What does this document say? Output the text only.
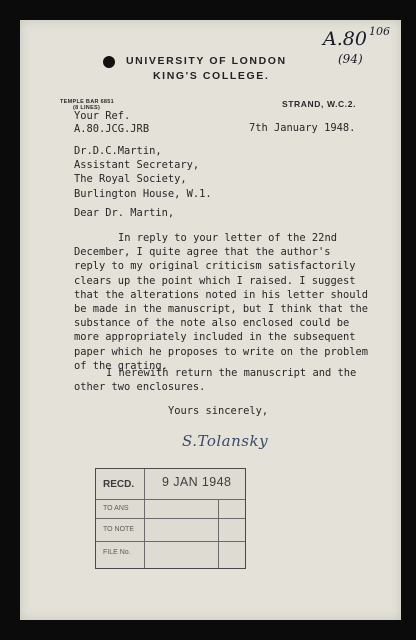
A.80 106
(94)
UNIVERSITY OF LONDON
KING'S COLLEGE.
TEMPLE BAR 6851
(8 LINES)	STRAND, W.C.2.
Your Ref.
A.80.JCG.JRB	7th January 1948.
Dr.D.C.Martin,
Assistant Secretary,
The Royal Society,
Burlington House, W.1.
Dear Dr. Martin,
In reply to your letter of the 22nd
December, I quite agree that the author's
reply to my original criticism satisfactorily
clears up the point which I raised. I suggest
that the alterations noted in his letter should
be made in the manuscript, but I think that the
substance of the note also enclosed could be
more appropriately included in the subsequent
paper which he proposes to write on the problem
of the grating.
I herewith return the manuscript and the
other two enclosures.
Yours sincerely,
S.Tolansky
RECD. 9 JAN 1948
TO ANS
TO NOTE
FILE No.
